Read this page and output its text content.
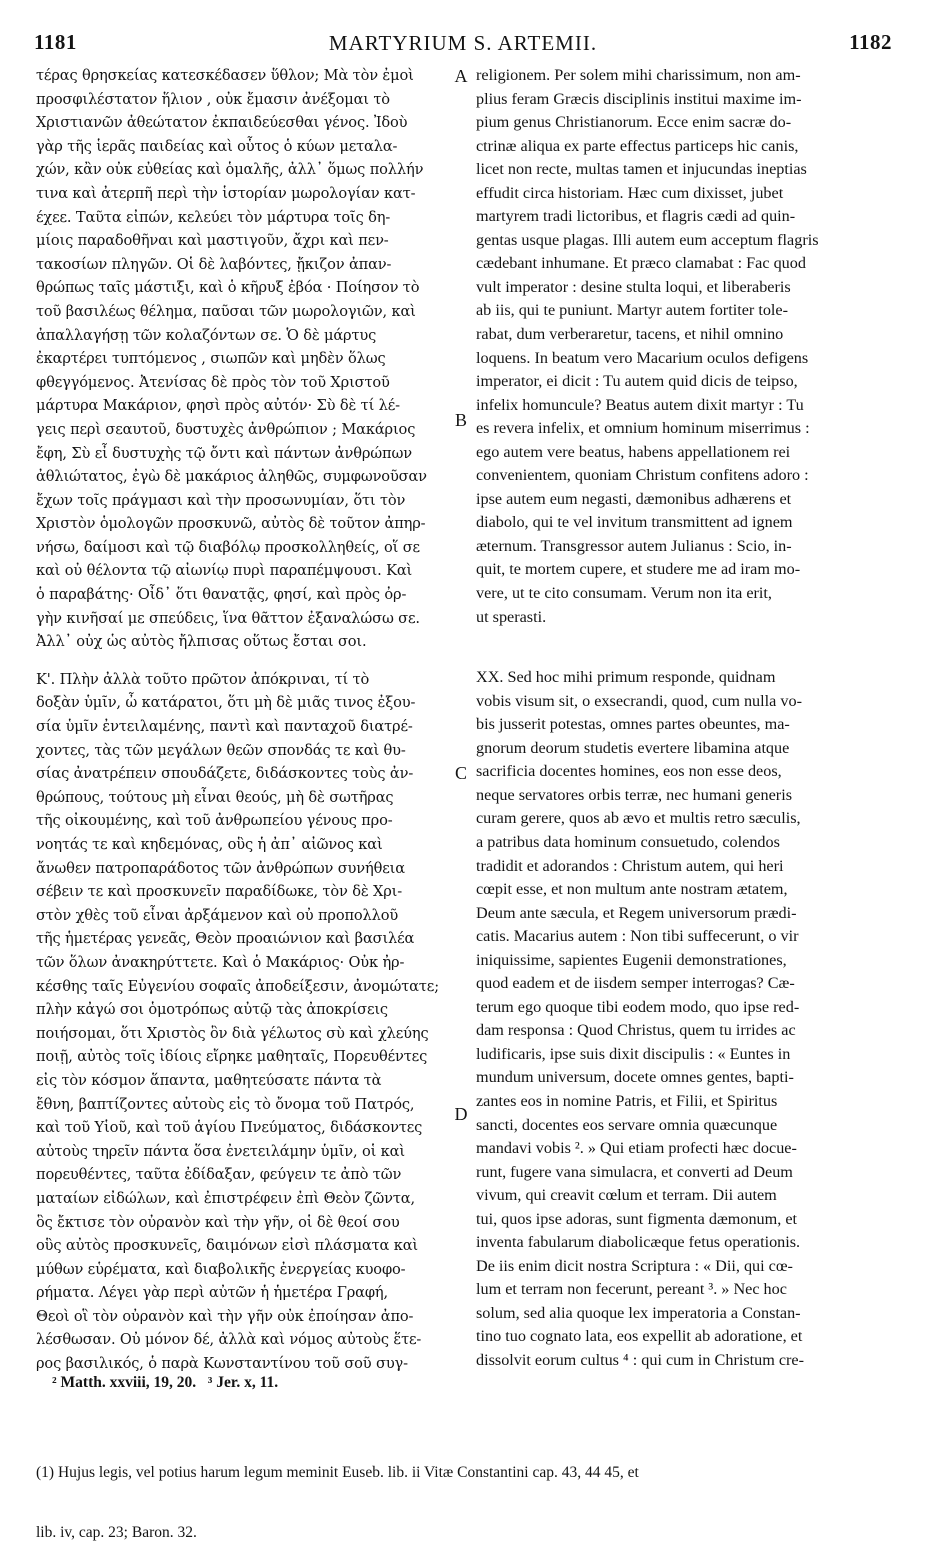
1181	MARTYRIUM S. ARTEMII.	1182
τέρας θρησκείας κατεσκέδασεν ὕθλον; Μὰ τὸν ἐμοὶ
προσφιλέστατον ἥλιον , οὐκ ἔμασιν ἀνέξομαι τὸ
Χριστιανῶν ἀθεώτατον ἐκπαιδεύεσθαι γένος. Ἰδοὺ
γὰρ τῆς ἱερᾶς παιδείας καὶ οὗτος ὁ κύων μεταλα-
χών, κἂν οὐκ εὐθείας καὶ ὁμαλῆς, ἀλλ᾽ ὅμως πολλήν
τινα καὶ ἀτερπῆ περὶ τὴν ἱστορίαν μωρολογίαν κατ-
έχεε. Ταῦτα εἰπών, κελεύει τὸν μάρτυρα τοῖς δη-
μίοις παραδοθῆναι καὶ μαστιγοῦν, ἄχρι καὶ πεν-
τακοσίων πληγῶν. Οἱ δὲ λαβόντες, ᾔκιζον ἀπαν-
θρώπως ταῖς μάστιξι, καὶ ὁ κῆρυξ ἐβόα · Ποίησον τὸ
τοῦ βασιλέως θέλημα, παῦσαι τῶν μωρολογιῶν, καὶ
ἀπαλλαγήσῃ τῶν κολαζόντων σε. Ὁ δὲ μάρτυς
ἐκαρτέρει τυπτόμενος , σιωπῶν καὶ μηδὲν ὅλως
φθεγγόμενος. Ἀτενίσας δὲ πρὸς τὸν τοῦ Χριστοῦ
μάρτυρα Μακάριον, φησὶ πρὸς αὐτόν· Σὺ δὲ τί λέ-
γεις περὶ σεαυτοῦ, δυστυχὲς ἀνθρώπιον ; Μακάριος
ἔφη, Σὺ εἶ δυστυχὴς τῷ ὄντι καὶ πάντων ἀνθρώπων
ἀθλιώτατος, ἐγὼ δὲ μακάριος ἀληθῶς, συμφωνοῦσαν
ἔχων τοῖς πράγμασι καὶ τὴν προσωνυμίαν, ὅτι τὸν
Χριστὸν ὁμολογῶν προσκυνῶ, αὐτὸς δὲ τοῦτον ἀπηρ-
νήσω, δαίμοσι καὶ τῷ διαβόλῳ προσκολληθείς, οἵ σε
καὶ οὐ θέλοντα τῷ αἰωνίῳ πυρὶ παραπέμψουσι. Καὶ
ὁ παραβάτης· Οἶδ᾽ ὅτι θανατᾷς, φησί, καὶ πρὸς ὀρ-
γὴν κινῆσαί με σπεύδεις, ἵνα θᾶττον ἐξαναλώσω σε.
Ἀλλ᾽ οὐχ ὡς αὐτὸς ἤλπισας οὕτως ἔσται σοι.
Κ'. Πλὴν ἀλλὰ τοῦτο πρῶτον ἀπόκριναι, τί τὸ
δοξὰν ὑμῖν, ὦ κατάρατοι, ὅτι μὴ δὲ μιᾶς τινος ἐξου-
σία ὑμῖν ἐντειλαμένης, παντὶ καὶ πανταχοῦ διατρέ-
χοντες, τὰς τῶν μεγάλων θεῶν σπονδάς τε καὶ θυ-
σίας ἀνατρέπειν σπουδάζετε, διδάσκοντες τοὺς ἀν-
θρώπους, τούτους μὴ εἶναι θεούς, μὴ δὲ σωτῆρας
τῆς οἰκουμένης, καὶ τοῦ ἀνθρωπείου γένους προ-
νοητάς τε καὶ κηδεμόνας, οὓς ἡ ἀπ᾽ αἰῶνος καὶ
ἄνωθεν πατροπαράδοτος τῶν ἀνθρώπων συνήθεια
σέβειν τε καὶ προσκυνεῖν παραδίδωκε, τὸν δὲ Χρι-
στὸν χθὲς τοῦ εἶναι ἀρξάμενον καὶ οὐ προπολλοῦ
τῆς ἡμετέρας γενεᾶς, Θεὸν προαιώνιον καὶ βασιλέα
τῶν ὅλων ἀνακηρύττετε. Καὶ ὁ Μακάριος· Οὐκ ἠρ-
κέσθης ταῖς Εὐγενίου σοφαῖς ἀποδείξεσιν, ἀνομώτατε;
πλὴν κἀγώ σοι ὁμοτρόπως αὐτῷ τὰς ἀποκρίσεις
ποιήσομαι, ὅτι Χριστὸς ὃν διὰ γέλωτος σὺ καὶ χλεύης
ποιῇ, αὐτὸς τοῖς ἰδίοις εἴρηκε μαθηταῖς, Πορευθέντες
εἰς τὸν κόσμον ἅπαντα, μαθητεύσατε πάντα τὰ
ἔθνη, βαπτίζοντες αὐτοὺς εἰς τὸ ὄνομα τοῦ Πατρός,
καὶ τοῦ Υἱοῦ, καὶ τοῦ ἁγίου Πνεύματος, διδάσκοντες
αὐτοὺς τηρεῖν πάντα ὅσα ἐνετειλάμην ὑμῖν, οἱ καὶ
πορευθέντες, ταῦτα ἐδίδαξαν, φεύγειν τε ἀπὸ τῶν
ματαίων εἰδώλων, καὶ ἐπιστρέφειν ἐπὶ Θεὸν ζῶντα,
ὃς ἔκτισε τὸν οὐρανὸν καὶ τὴν γῆν, οἱ δὲ θεοί σου
οὓς αὐτὸς προσκυνεῖς, δαιμόνων εἰσὶ πλάσματα καὶ
μύθων εὑρέματα, καὶ διαβολικῆς ἐνεργείας κυοφο-
ρήματα. Λέγει γὰρ περὶ αὐτῶν ἡ ἡμετέρα Γραφή,
Θεοὶ οἳ τὸν οὐρανὸν καὶ τὴν γῆν οὐκ ἐποίησαν ἀπο-
λέσθωσαν. Οὐ μόνον δέ, ἀλλὰ καὶ νόμος αὐτοὺς ἕτε-
ρος βασιλικός, ὁ παρὰ Κωνσταντίνου τοῦ σοῦ συγ-
religionem. Per solem mihi charissimum, non am-
plius feram Græcis disciplinis institui maxime im-
pium genus Christianorum. Ecce enim sacræ do-
ctrinæ aliqua ex parte effectus particeps hic canis,
licet non recte, multas tamen et injucundas ineptias
effudit circa historiam. Hæc cum dixisset, jubet
martyrem tradi lictoribus, et flagris cædi ad quin-
gentas usque plagas. Illi autem eum acceptum flagris
cædebant inhumane. Et præco clamabat : Fac quod
vult imperator : desine stulta loqui, et liberaberis
ab iis, qui te puniunt. Martyr autem fortiter tole-
rabat, dum verberaretur, tacens, et nihil omnino
loquens. In beatum vero Macarium oculos defigens
imperator, ei dicit : Tu autem quid dicis de teipso,
infelix homuncule? Beatus autem dixit martyr : Tu
es revera infelix, et omnium hominum miserrimus :
ego autem vere beatus, habens appellationem rei
convenientem, quoniam Christum confitens adoro :
ipse autem eum negasti, dæmonibus adhærens et
diabolo, qui te vel invitum transmittent ad ignem
æternum. Transgressor autem Julianus : Scio, in-
quit, te mortem cupere, et studere me ad iram mo-
vere, ut te cito consumam. Verum non ita erit,
ut sperasti.
XX. Sed hoc mihi primum responde, quidnam
vobis visum sit, o exsecrandi, quod, cum nulla vo-
bis jusserit potestas, omnes partes obeuntes, ma-
gnorum deorum studetis evertere libamina atque
sacrificia docentes homines, eos non esse deos,
neque servatores orbis terræ, nec humani generis
curam gerere, quos ab ævo et multis retro sæculis,
a patribus data hominum consuetudo, colendos
tradidit et adorandos : Christum autem, qui heri
cœpit esse, et non multum ante nostram ætatem,
Deum ante sæcula, et Regem universorum prædi-
catis. Macarius autem : Non tibi suffecerunt, o vir
iniquissime, sapientes Eugenii demonstrationes,
quod eadem et de iisdem semper interrogas? Cæ-
terum ego quoque tibi eodem modo, quo ipse red-
dam responsa : Quod Christus, quem tu irrides ac
ludificaris, ipse suis dixit discipulis : « Euntes in
mundum universum, docete omnes gentes, bapti-
zantes eos in nomine Patris, et Filii, et Spiritus
sancti, docentes eos servare omnia quæcunque
mandavi vobis ². » Qui etiam profecti hæc docue-
runt, fugere vana simulacra, et converti ad Deum
vivum, qui creavit cœlum et terram. Dii autem
tui, quos ipse adoras, sunt figmenta dæmonum, et
inventa fabularum diabolicæque fetus operationis.
De iis enim dicit nostra Scriptura : « Dii, qui cœ-
lum et terram non fecerunt, pereant ³. » Nec hoc
solum, sed alia quoque lex imperatoria a Constan-
tino tuo cognato lata, eos expellit ab adoratione, et
dissolvit eorum cultus ⁴ : qui cum in Christum cre-
A
B
C
D
² Matth. xxviii, 19, 20.   ³ Jer. x, 11.

(1) Hujus legis, vel potius harum legum meminit Euseb. lib. ii Vitæ Constantini cap. 43, 44 45, et

lib. iv, cap. 23; Baron. 32.
